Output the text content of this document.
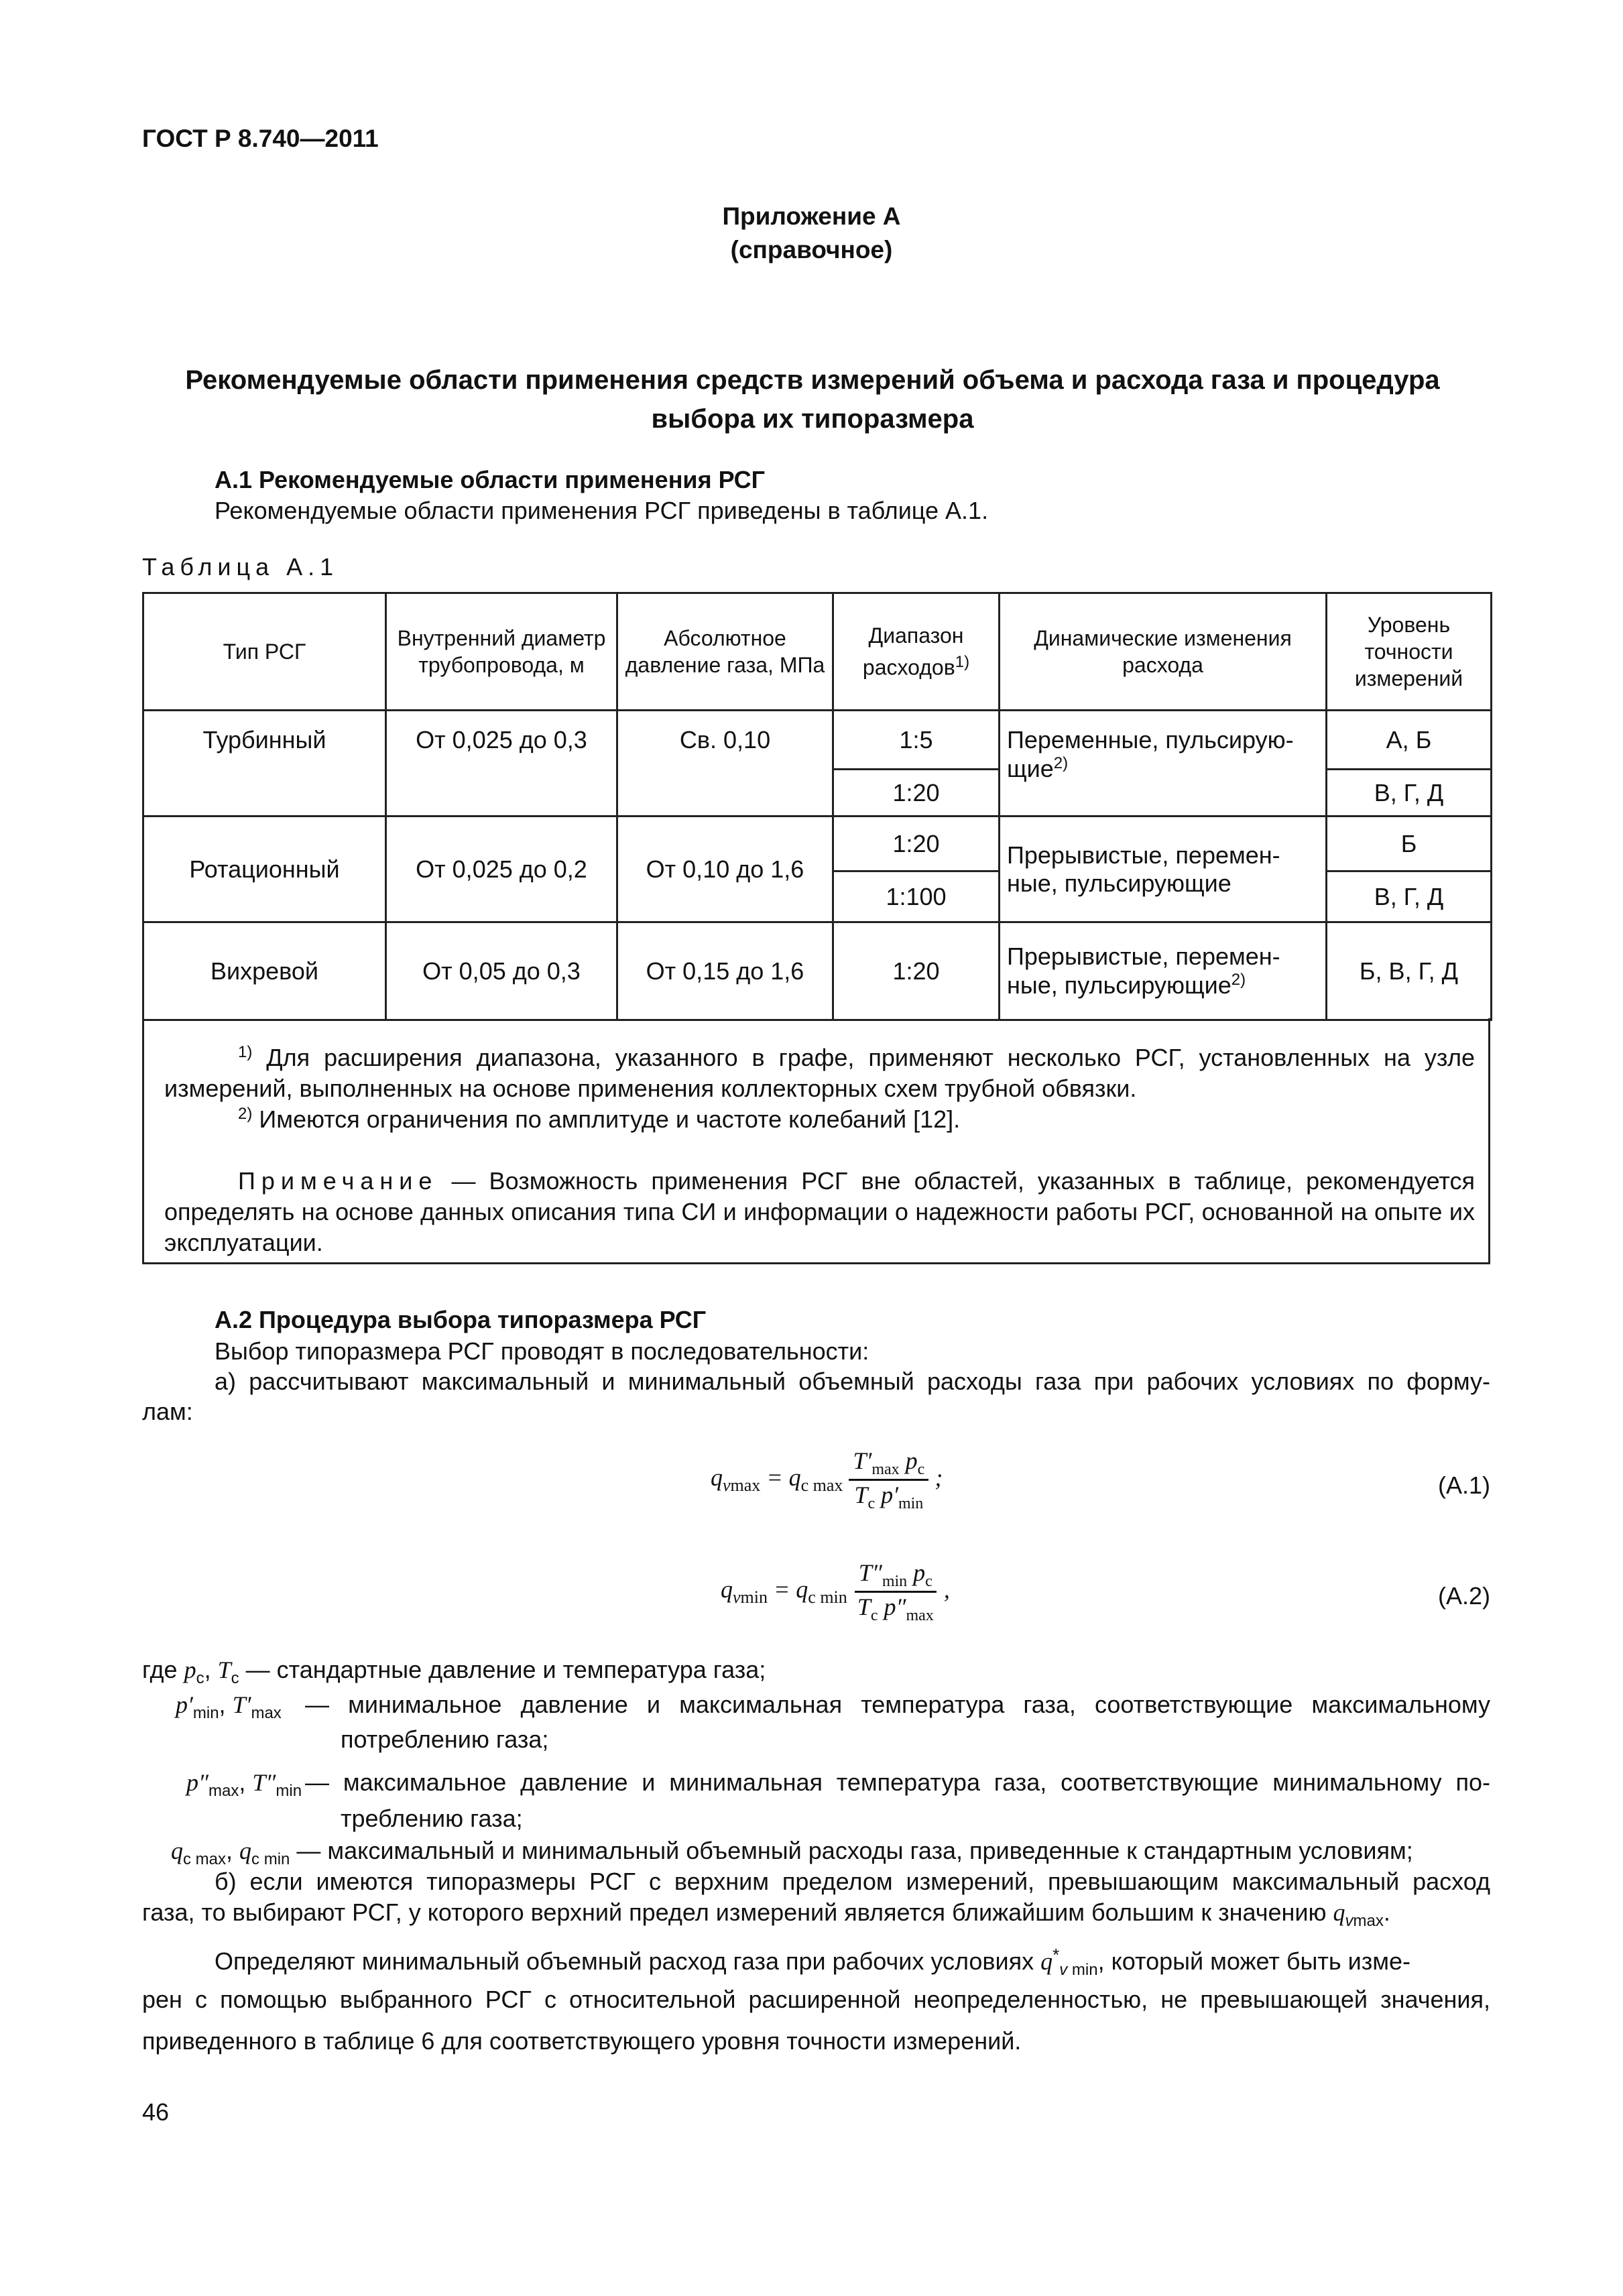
ГОСТ Р 8.740—2011
Приложение А
(справочное)
Рекомендуемые области применения средств измерений объема и расхода газа и процедура
выбора их типоразмера
А.1 Рекомендуемые области применения РСГ
Рекомендуемые области применения РСГ приведены в таблице А.1.
Таблица А.1
Тип РСГ	Внутренний диаметр трубопровода, м	Абсолютное давление газа, МПа	Диапазон расходов$^{1)}$	Динамические изменения расхода	Уровень точности измерений
Турбинный	От 0,025 до 0,3	Св. 0,10	1:5	Переменные, пульсирую-щие$^{2)}$	А, Б
			1:20		В, Г, Д
Ротационный	От 0,025 до 0,2	От 0,10 до 1,6	1:20	Прерывистые, перемен-ные, пульсирующие	Б
			1:100		В, Г, Д
Вихревой	От 0,05 до 0,3	От 0,15 до 1,6	1:20	Прерывистые, перемен-ные, пульсирующие$^{2)}$	Б, В, Г, Д
$^{1)}$ Для расширения диапазона, указанного в графе, применяют несколько РСГ, установленных на узле измерений, выполненных на основе применения коллекторных схем трубной обвязки.
$^{2)}$ Имеются ограничения по амплитуде и частоте колебаний [12].
Примечание — Возможность применения РСГ вне областей, указанных в таблице, рекомендуется определять на основе данных описания типа СИ и информации о надежности работы РСГ, основанной на опыте их эксплуатации.
А.2 Процедура выбора типоразмера РСГ
Выбор типоразмера РСГ проводят в последовательности:
а) рассчитывают максимальный и минимальный объемный расходы газа при рабочих условиях по форму-
лам:
$q_{vmax} = q_{с max}$
$T'_{max}$ $p_с$
$T_с$ $p'_{min}$
;	(А.1)
$q_{vmin} = q_{с min}$
$T''_{min}$ $p_с$
$T_с$ $p''_{max}$
,	(А.2)
где $p_с$, $T_с$ — стандартные давление и температура газа;
$p'_{min}$, $T'_{max}$ — минимальное давление и максимальная температура газа, соответствующие максимальному
потреблению газа;
$p''_{max}$, $T''_{min}$ — максимальное давление и минимальная температура газа, соответствующие минимальному по-
треблению газа;
$q_{с max}$, $q_{с min}$ — максимальный и минимальный объемный расходы газа, приведенные к стандартным условиям;
б) если имеются типоразмеры РСГ с верхним пределом измерений, превышающим максимальный расход
газа, то выбирают РСГ, у которого верхний предел измерений является ближайшим большим к значению $q_{vmax}$.
Определяют минимальный объемный расход газа при рабочих условиях $q^*_{v min}$, который может быть изме-
рен с помощью выбранного РСГ с относительной расширенной неопределенностью, не превышающей значения,
приведенного в таблице 6 для соответствующего уровня точности измерений.
46
